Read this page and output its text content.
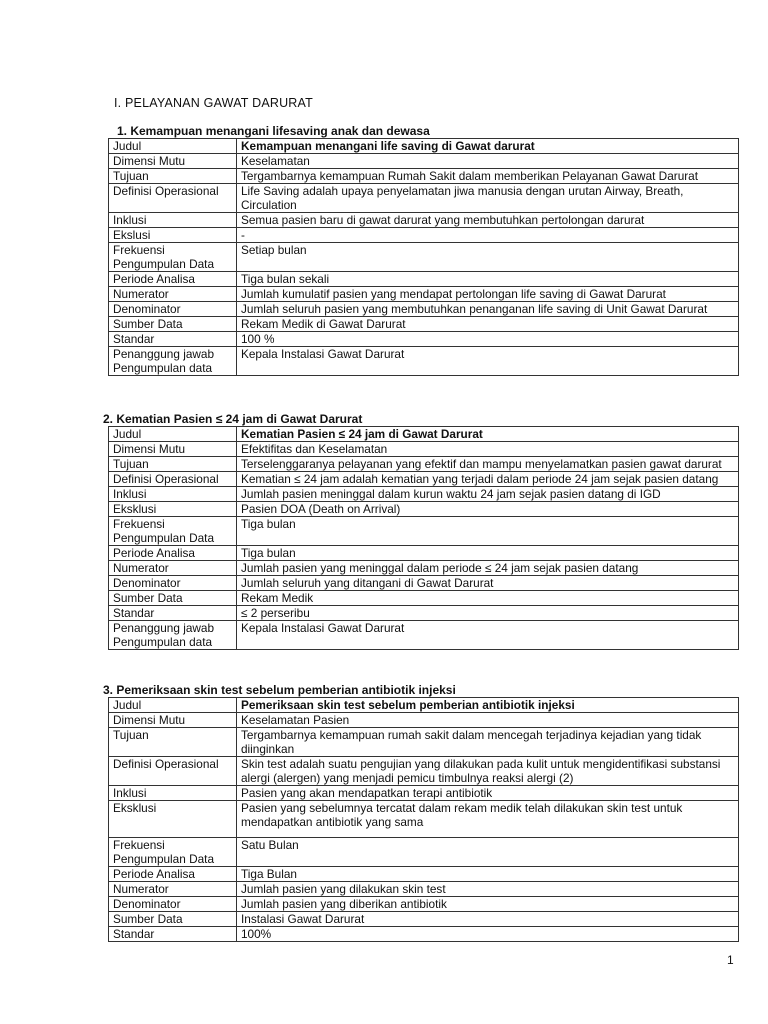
I. PELAYANAN GAWAT DARURAT
1. Kemampuan menangani lifesaving anak dan dewasa
Judul	Kemampuan menangani life saving di Gawat darurat
Dimensi Mutu	Keselamatan
Tujuan	Tergambarnya kemampuan Rumah Sakit dalam memberikan Pelayanan Gawat Darurat
Definisi Operasional	Life Saving adalah upaya penyelamatan jiwa manusia dengan urutan Airway, Breath, Circulation
Inklusi	Semua pasien baru di gawat darurat yang membutuhkan pertolongan darurat
Ekslusi	-
Frekuensi Pengumpulan Data	Setiap bulan
Periode Analisa	Tiga bulan sekali
Numerator	Jumlah kumulatif pasien yang mendapat pertolongan life saving di Gawat Darurat
Denominator	Jumlah seluruh pasien yang membutuhkan penanganan life saving di Unit Gawat Darurat
Sumber Data	Rekam Medik di Gawat Darurat
Standar	100 %
Penanggung jawab Pengumpulan data	Kepala Instalasi Gawat Darurat
2. Kematian Pasien ≤ 24 jam di Gawat Darurat
Judul	Kematian Pasien ≤ 24 jam di Gawat Darurat
Dimensi Mutu	Efektifitas dan Keselamatan
Tujuan	Terselenggaranya pelayanan yang efektif dan mampu menyelamatkan pasien gawat darurat
Definisi Operasional	Kematian ≤ 24 jam adalah kematian yang terjadi dalam periode 24 jam sejak pasien datang
Inklusi	Jumlah pasien meninggal dalam kurun waktu 24 jam sejak pasien datang di IGD
Eksklusi	Pasien DOA (Death on Arrival)
Frekuensi Pengumpulan Data	Tiga bulan
Periode Analisa	Tiga bulan
Numerator	Jumlah pasien yang meninggal dalam periode ≤ 24 jam sejak pasien datang
Denominator	Jumlah seluruh yang ditangani di Gawat Darurat
Sumber Data	Rekam Medik
Standar	≤ 2 perseribu
Penanggung jawab Pengumpulan data	Kepala Instalasi Gawat Darurat
3. Pemeriksaan skin test sebelum pemberian antibiotik injeksi
Judul	Pemeriksaan skin test sebelum pemberian antibiotik injeksi
Dimensi Mutu	Keselamatan Pasien
Tujuan	Tergambarnya kemampuan rumah sakit dalam mencegah terjadinya kejadian yang tidak diinginkan
Definisi Operasional	Skin test adalah suatu pengujian yang dilakukan pada kulit untuk mengidentifikasi substansi alergi (alergen) yang menjadi pemicu timbulnya reaksi alergi (2)
Inklusi	Pasien yang akan mendapatkan terapi antibiotik
Eksklusi	Pasien yang sebelumnya tercatat dalam rekam medik telah dilakukan skin test untuk mendapatkan antibiotik yang sama
Frekuensi Pengumpulan Data	Satu Bulan
Periode Analisa	Tiga Bulan
Numerator	Jumlah pasien yang dilakukan skin test
Denominator	Jumlah pasien yang diberikan antibiotik
Sumber Data	Instalasi Gawat Darurat
Standar	100%
1
